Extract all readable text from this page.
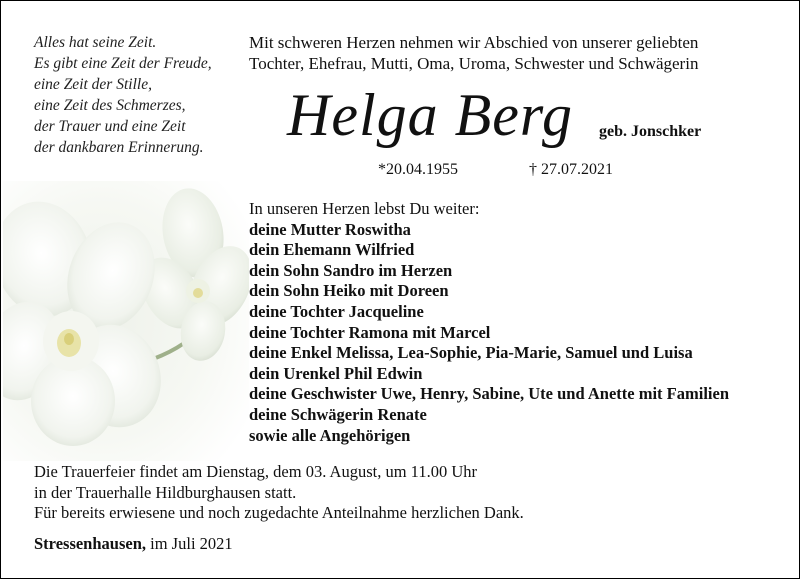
Alles hat seine Zeit.
Es gibt eine Zeit der Freude,
eine Zeit der Stille,
eine Zeit des Schmerzes,
der Trauer und eine Zeit
der dankbaren Erinnerung.
Mit schweren Herzen nehmen wir Abschied von unserer geliebten
Tochter, Ehefrau, Mutti, Oma, Uroma, Schwester und Schwägerin
Helga Berg geb. Jonschker
*20.04.1955	† 27.07.2021
In unseren Herzen lebst Du weiter:
deine Mutter Roswitha
dein Ehemann Wilfried
dein Sohn Sandro im Herzen
dein Sohn Heiko mit Doreen
deine Tochter Jacqueline
deine Tochter Ramona mit Marcel
deine Enkel Melissa, Lea-Sophie, Pia-Marie, Samuel und Luisa
dein Urenkel Phil Edwin
deine Geschwister Uwe, Henry, Sabine, Ute und Anette mit Familien
deine Schwägerin Renate
sowie alle Angehörigen
Die Trauerfeier findet am Dienstag, dem 03. August, um 11.00 Uhr
in der Trauerhalle Hildburghausen statt.
Für bereits erwiesene und noch zugedachte Anteilnahme herzlichen Dank.
Stressenhausen, im Juli 2021
